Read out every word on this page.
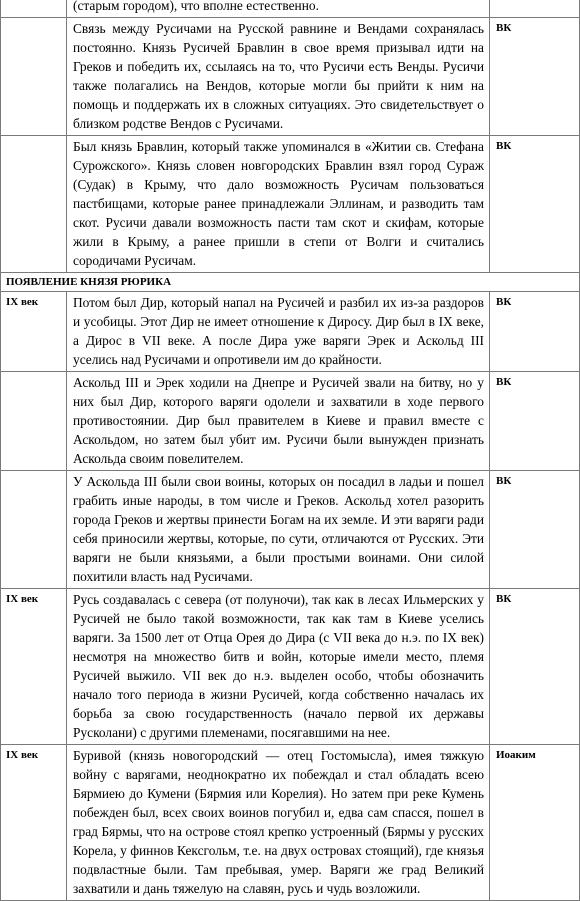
	(старым городом), что вполне естественно.	

	Связь между Русичами на Русской равнине и Вендами сохранялась постоянно. Князь Русичей Бравлин в свое время призывал идти на Греков и победить их, ссылаясь на то, что Русичи есть Венды. Русичи также полагались на Вендов, которые могли бы прийти к ним на помощь и поддержать их в сложных ситуациях. Это свидетельствует о близком родстве Вендов с Русичами.	ВК

	Был князь Бравлин, который также упоминался в «Житии св. Стефана Сурожского». Князь словен новгородских Бравлин взял город Сураж (Судак) в Крыму, что дало возможность Русичам пользоваться пастбищами, которые ранее принадлежали Эллинам, и разводить там скот. Русичи давали возможность пасти там скот и скифам, которые жили в Крыму, а ранее пришли в степи от Волги и считались сородичами Русичам.	ВК
ПОЯВЛЕНИЕ КНЯЗЯ РЮРИКА		
IX век	Потом был Дир, который напал на Русичей и разбил их из-за раздоров и усобицы. Этот Дир не имеет отношение к Диросу. Дир был в IX веке, а Дирос в VII веке. А после Дира уже варяги Эрек и Аскольд III уселись над Русичами и опротивели им до крайности.	ВК

	Аскольд III и Эрек ходили на Днепре и Русичей звали на битву, но у них был Дир, которого варяги одолели и захватили в ходе первого противостоянии. Дир был правителем в Киеве и правил вместе с Аскольдом, но затем был убит им. Русичи были вынужден признать Аскольда своим повелителем.	ВК

	У Аскольда III были свои воины, которых он посадил в ладьи и пошел грабить иные народы, в том числе и Греков. Аскольд хотел разорить города Греков и жертвы принести Богам на их земле. И эти варяги ради себя приносили жертвы, которые, по сути, отличаются от Русских. Эти варяги не были князьями, а были простыми воинами. Они силой похитили власть над Русичами.	ВК
IX век	Русь создавалась с севера (от полуночи), так как в лесах Ильмерских у Русичей не было такой возможности, так как там в Киеве уселись варяги. За 1500 лет от Отца Орея до Дира (с VII века до н.э. по IX век) несмотря на множество битв и войн, которые имели место, племя Русичей выжило. VII век до н.э. выделен особо, чтобы обозначить начало того периода в жизни Русичей, когда собственно началась их борьба за свою государственность (начало первой их державы Русколани) с другими племенами, посягавшими на нее.	ВК
IX век	Буривой (князь новогородский — отец Гостомысла), имея тяжкую войну с варягами, неоднократно их побеждал и стал обладать всею Бярмиею до Кумени (Бярмия или Корелия). Но затем при реке Кумень побежден был, всех своих воинов погубил и, едва сам спасся, пошел в град Бярмы, что на острове стоял крепко устроенный (Бярмы у русских Корела, у финнов Кексгольм, т.е. на двух островах стоящий), где князья подвластные были. Там пребывая, умер. Варяги же град Великий захватили и дань тяжелую на славян, русь и чудь возложили.	Иоаким
